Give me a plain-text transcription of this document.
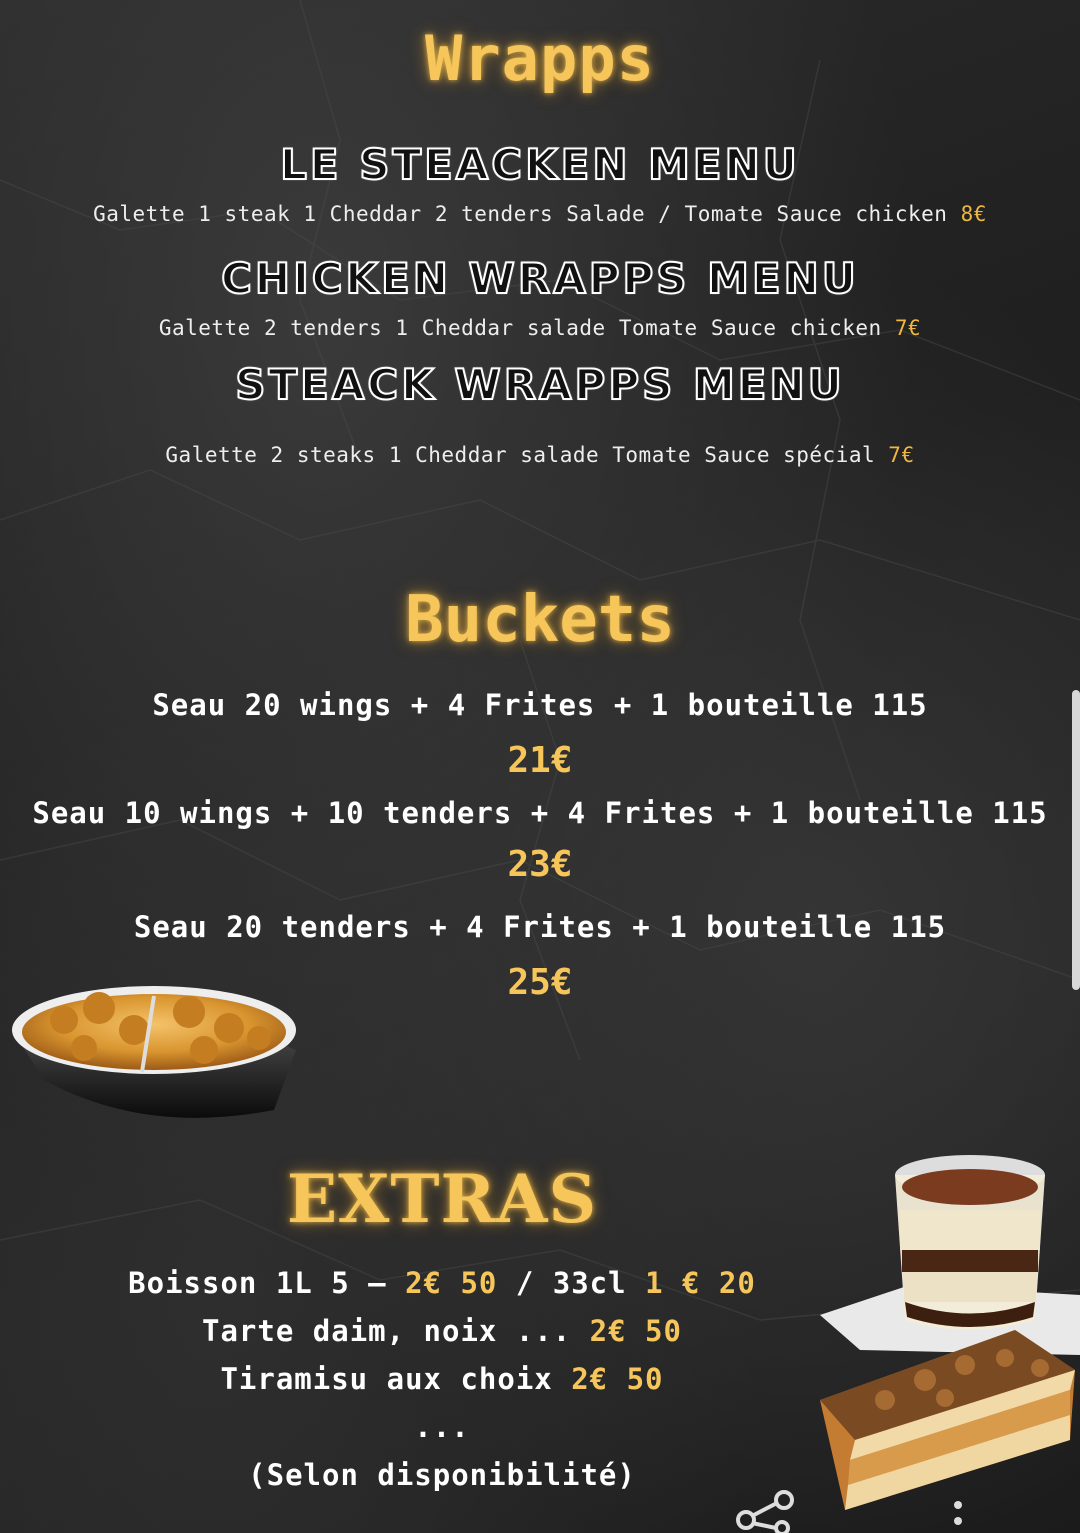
Wrapps
LE STEACKEN MENU
Galette 1 steak 1 Cheddar 2 tenders Salade / Tomate Sauce chicken 8€
CHICKEN WRAPPS MENU
Galette 2 tenders 1 Cheddar salade Tomate Sauce chicken 7€
STEACK WRAPPS MENU
Galette 2 steaks 1 Cheddar salade Tomate Sauce spécial 7€
Buckets
Seau 20 wings + 4 Frites + 1 bouteille 115
21€
Seau 10 wings + 10 tenders + 4 Frites + 1 bouteille 115
23€
Seau 20 tenders + 4 Frites + 1 bouteille 115
25€
EXTRAS
Boisson 1L 5 – 2€ 50 / 33cl 1 € 20
Tarte daim, noix ... 2€ 50
Tiramisu aux choix 2€ 50
...
(Selon disponibilité)
